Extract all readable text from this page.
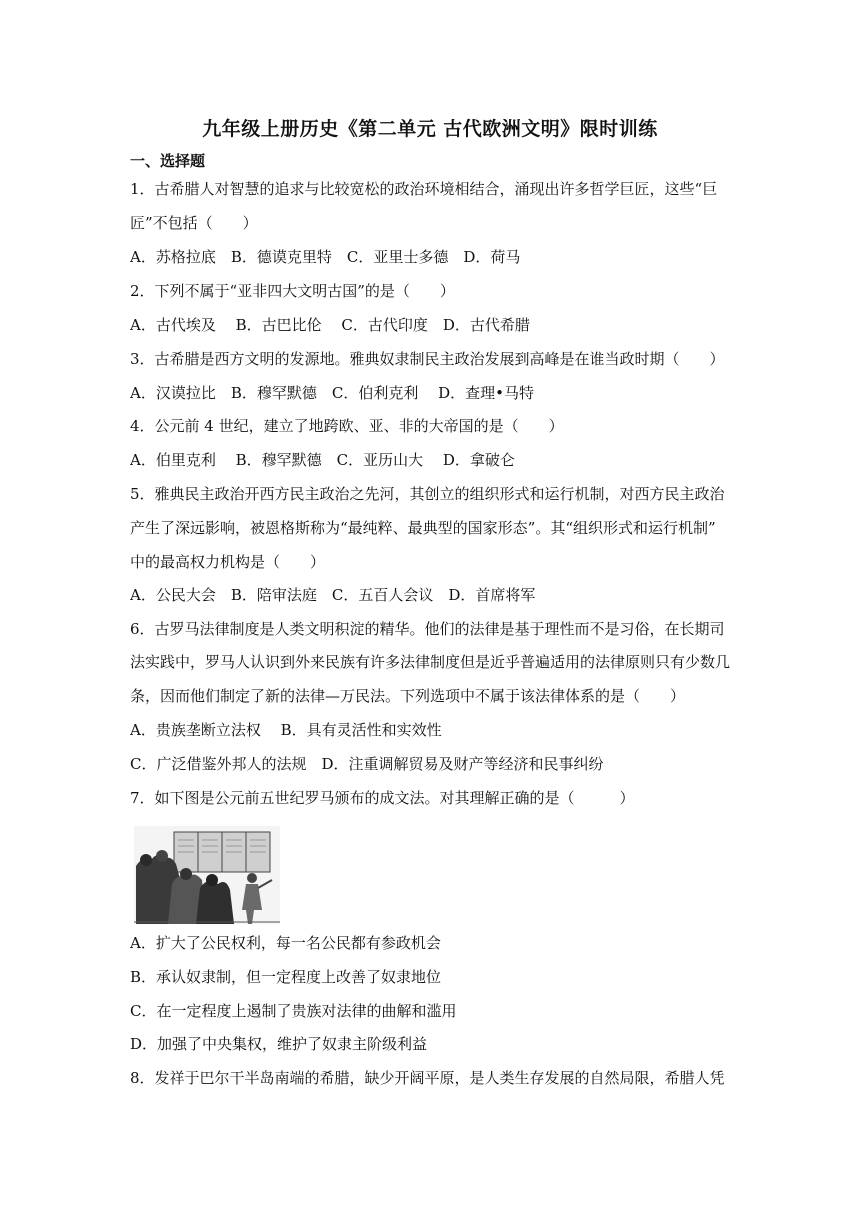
九年级上册历史《第二单元 古代欧洲文明》限时训练
一、选择题
1．古希腊人对智慧的追求与比较宽松的政治环境相结合，涌现出许多哲学巨匠，这些“巨
匠”不包括（　　）
A．苏格拉底　B．德谟克里特　C．亚里士多德　D．荷马
2．下列不属于“亚非四大文明古国”的是（　　）
A．古代埃及　 B．古巴比伦　 C．古代印度　D．古代希腊
3．古希腊是西方文明的发源地。雅典奴隶制民主政治发展到高峰是在谁当政时期（　　）
A．汉谟拉比　B．穆罕默德　C．伯利克利　 D．查理•马特
4．公元前 4 世纪，建立了地跨欧、亚、非的大帝国的是（　　）
A．伯里克利　 B．穆罕默德　C．亚历山大　 D．拿破仑
5．雅典民主政治开西方民主政治之先河，其创立的组织形式和运行机制，对西方民主政治
产生了深远影响，被恩格斯称为“最纯粹、最典型的国家形态”。其“组织形式和运行机制”
中的最高权力机构是（　　）
A．公民大会　B．陪审法庭　C．五百人会议　D．首席将军
6．古罗马法律制度是人类文明积淀的精华。他们的法律是基于理性而不是习俗，在长期司
法实践中，罗马人认识到外来民族有许多法律制度但是近乎普遍适用的法律原则只有少数几
条，因而他们制定了新的法律—万民法。下列选项中不属于该法律体系的是（　　）
A．贵族垄断立法权　 B．具有灵活性和实效性
C．广泛借鉴外邦人的法规　D．注重调解贸易及财产等经济和民事纠纷
7．如下图是公元前五世纪罗马颁布的成文法。对其理解正确的是（　　　）
A．扩大了公民权利，每一名公民都有参政机会
B．承认奴隶制，但一定程度上改善了奴隶地位
C．在一定程度上遏制了贵族对法律的曲解和滥用
D．加强了中央集权，维护了奴隶主阶级利益
8．发祥于巴尔干半岛南端的希腊，缺少开阔平原，是人类生存发展的自然局限，希腊人凭
